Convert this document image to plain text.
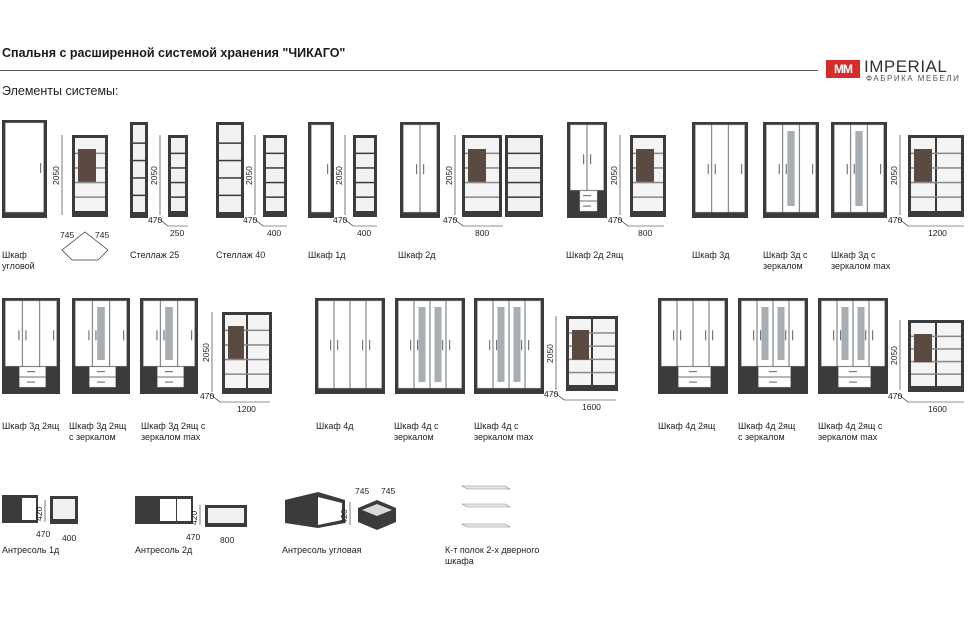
Спальня с расширенной системой хранения "ЧИКАГО"
Элементы системы:
MM IMPERIAL
ФАБРИКА МЕБЕЛИ
2050
745 745
2050
470
250
2050
470
400
2050
470
400
2050
470
800
2050
470
800
2050
470
1200
2050
470
1200
2050
470
1600
2050
470
1600
420
470 400
420
470 800
420
745 745
Шкаф угловой
Стеллаж 25	Стеллаж 40	Шкаф 1д	Шкаф 2д	Шкаф 2д 2ящ	Шкаф 3д	Шкаф 3д с зеркалом
Шкаф 3д с зеркалом max
Шкаф 3д 2ящ Шкаф 3д 2ящ с зеркалом
Шкаф 3д 2ящ с зеркалом max
Шкаф 4д	Шкаф 4д с зеркалом
Шкаф 4д с зеркалом max
Шкаф 4д 2ящ	Шкаф 4д 2ящ с зеркалом
Шкаф 4д 2ящ с зеркалом max
Антресоль 1д	Антресоль 2д	Антресоль угловая	К-т полок 2-х дверного шкафа
